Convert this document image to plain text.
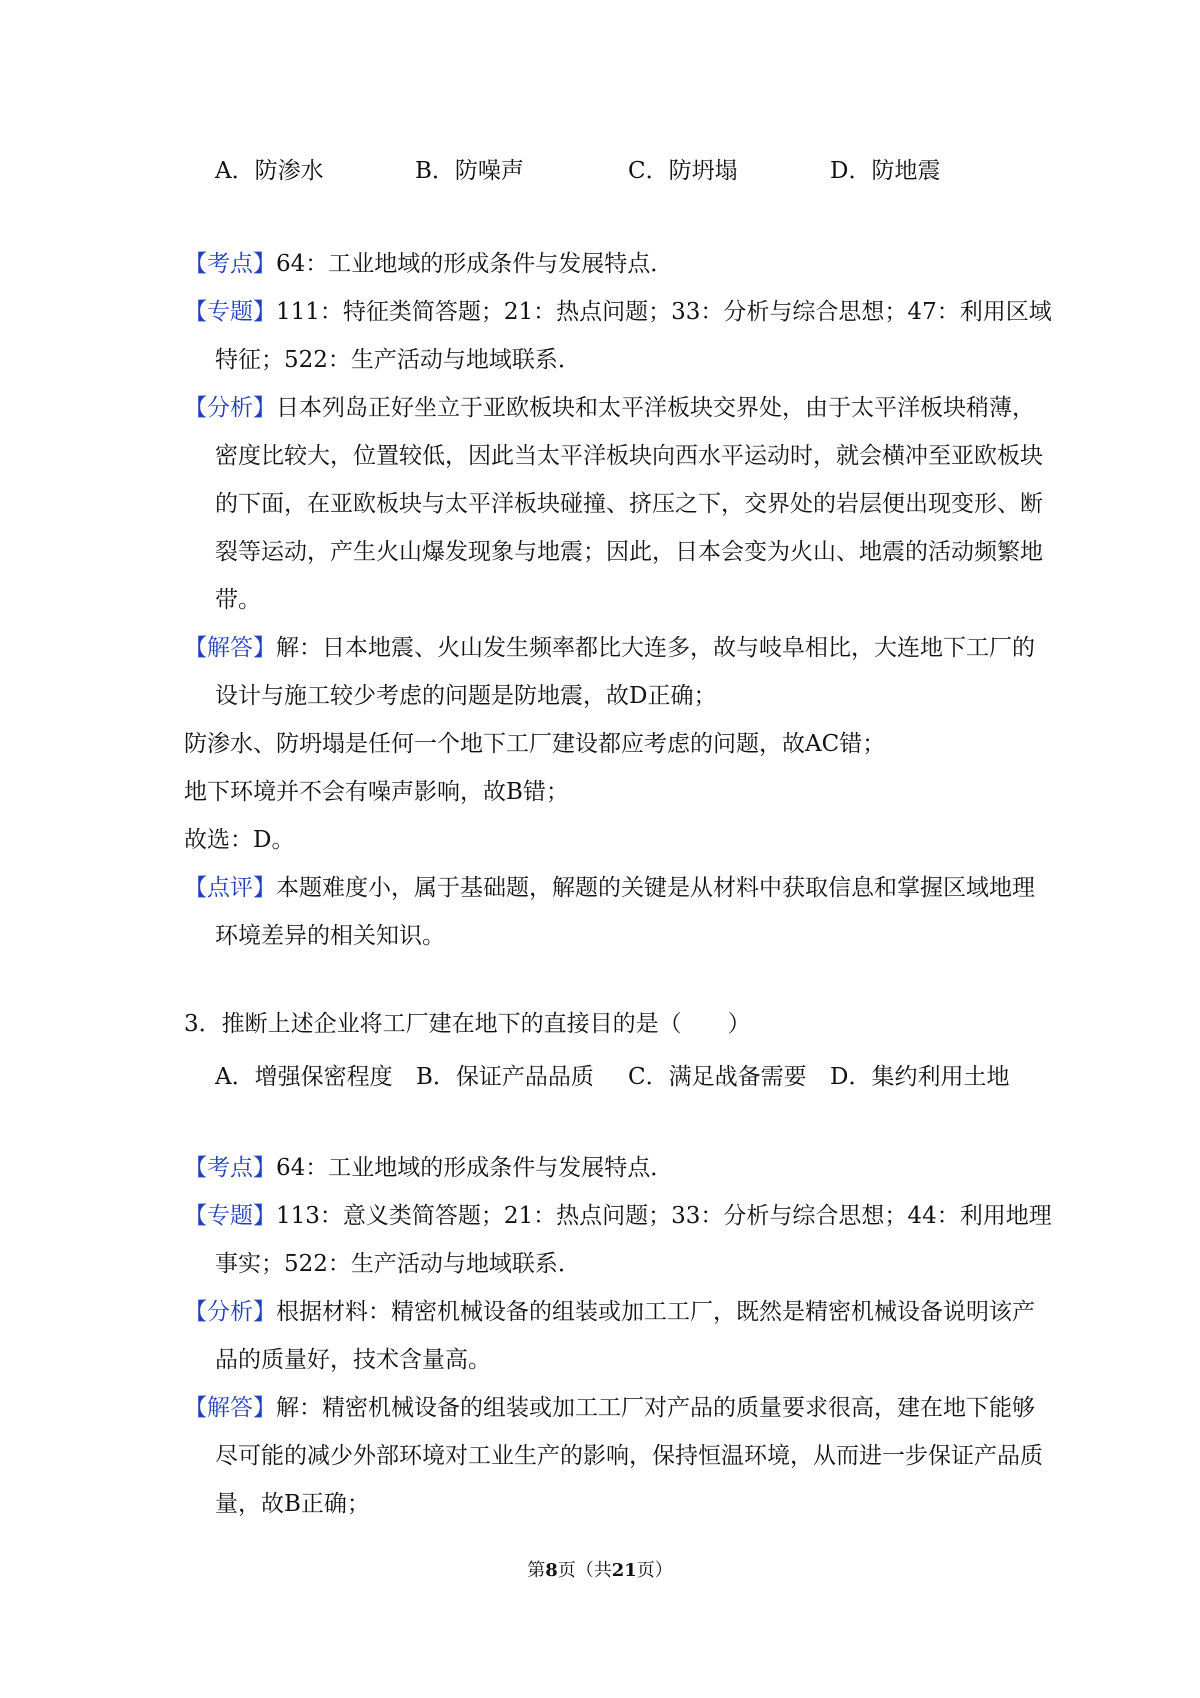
A．防渗水	B．防噪声	C．防坍塌	D．防地震
【考点】64：工业地域的形成条件与发展特点．
【专题】111：特征类简答题；21：热点问题；33：分析与综合思想；47：利用区域特征；522：生产活动与地域联系．
【分析】日本列岛正好坐立于亚欧板块和太平洋板块交界处，由于太平洋板块稍薄，密度比较大，位置较低，因此当太平洋板块向西水平运动时，就会横冲至亚欧板块的下面，在亚欧板块与太平洋板块碰撞、挤压之下，交界处的岩层便出现变形、断裂等运动，产生火山爆发现象与地震；因此，日本会变为火山、地震的活动频繁地带。
【解答】解：日本地震、火山发生频率都比大连多，故与岐阜相比，大连地下工厂的设计与施工较少考虑的问题是防地震，故D正确；
防渗水、防坍塌是任何一个地下工厂建设都应考虑的问题，故AC错；
地下环境并不会有噪声影响，故B错；
故选：D。
【点评】本题难度小，属于基础题，解题的关键是从材料中获取信息和掌握区域地理环境差异的相关知识。
3．推断上述企业将工厂建在地下的直接目的是（　　）
A．增强保密程度 B．保证产品品质 C．满足战备需要 D．集约利用土地
【考点】64：工业地域的形成条件与发展特点．
【专题】113：意义类简答题；21：热点问题；33：分析与综合思想；44：利用地理事实；522：生产活动与地域联系．
【分析】根据材料：精密机械设备的组装或加工工厂，既然是精密机械设备说明该产品的质量好，技术含量高。
【解答】解：精密机械设备的组装或加工工厂对产品的质量要求很高，建在地下能够尽可能的减少外部环境对工业生产的影响，保持恒温环境，从而进一步保证产品质量，故B正确；
第8页（共21页）
